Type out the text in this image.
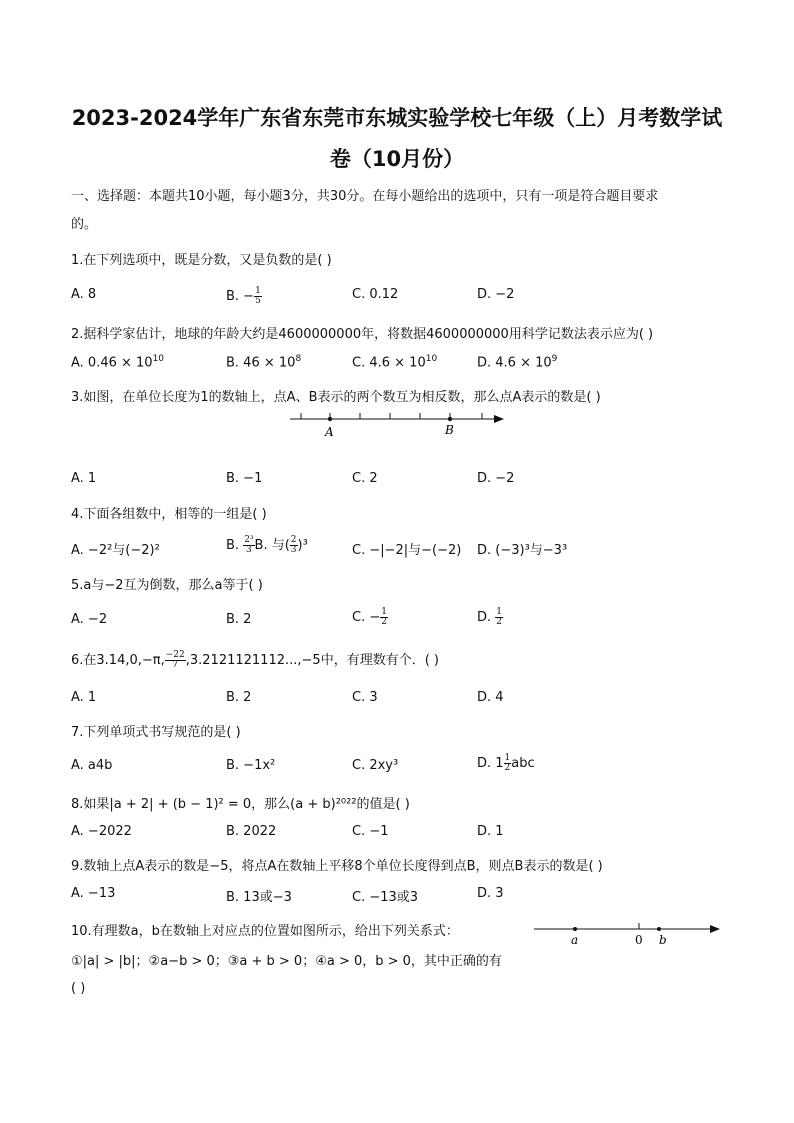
2023-2024学年广东省东莞市东城实验学校七年级（上）月考数学试
卷（10月份）
一、选择题：本题共10小题，每小题3分，共30分。在每小题给出的选项中，只有一项是符合题目要求
的。
1.在下列选项中，既是分数，又是负数的是( )
A. 8	B. − $\frac{1}{5}$	C. 0.12	D. −2
2.据科学家估计，地球的年龄大约是4600000000年，将数据4600000000用科学记数法表示应为( )
A. $0.46 \times 10^{10}$	B. $46 \times 10^8$	C. $4.6 \times 10^{10}$	D. $4.6 \times 10^9$
3.如图，在单位长度为1的数轴上，点A、B表示的两个数互为相反数，那么点A表示的数是( )
A	B
A. 1	B. −1	C. 2	D. −2
4.下面各组数中，相等的一组是( )
A. −2²与(−2)²	B. $\frac{\text{2³}}{3} B$. 与( $\frac{2}{3} )^3$	C. −|−2|与−(−2) D. (−3)³与−3³
5.a与−2互为倒数，那么a等于( )
A. −2	B. 2	C. − $\frac{1}{2}$	D. $\frac{1}{2}$
6.在3.14,0,−π, $\frac{-22}{7} ,3.2121121112...,-5$中，有理数有个．( )
A. 1	B. 2	C. 3	D. 4
7.下列单项式书写规范的是( )
A. a4b	B. −1x²	C. 2xy³	D. $1 \frac{1}{2}$ abc
8.如果|a + 2| + (b − 1)² = 0，那么(a + b)²⁰²²的值是( )
A. −2022	B. 2022	C. −1	D. 1
9.数轴上点A表示的数是−5，将点A在数轴上平移8个单位长度得到点B，则点B表示的数是( )
A. −13	B. 13或−3	C. −13或3	D. 3
10.有理数a，b在数轴上对应点的位置如图所示，给出下列关系式：
①|a| > |b|；②a−b > 0；③a + b > 0；④a > 0，b > 0，其中正确的有
( )
a	0 b
